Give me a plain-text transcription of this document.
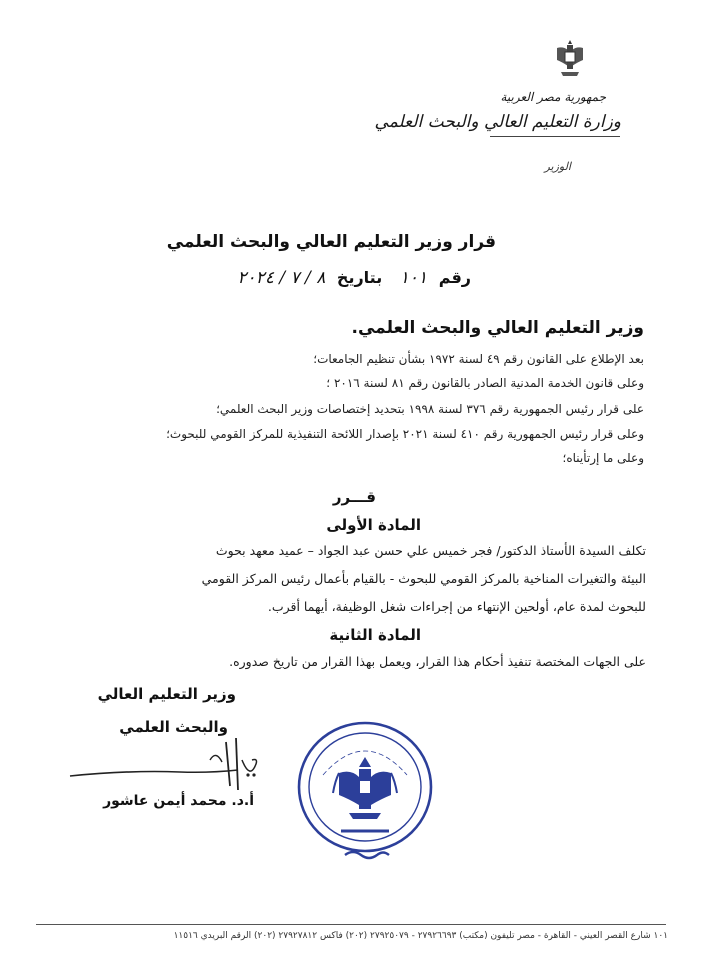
جمهورية مصر العربية
وزارة التعليم العالي والبحث العلمي
الوزير
قرار وزير التعليم العالي والبحث العلمي
رقم ١٠١ بتاريخ ٨ / ٧ / ٢٠٢٤
وزير التعليم العالي والبحث العلمي.
بعد الإطلاع على القانون رقم ٤٩ لسنة ١٩٧٢ بشأن تنظيم الجامعات؛
وعلى قانون الخدمة المدنية الصادر بالقانون رقم ٨١ لسنة ٢٠١٦ ؛
على قرار رئيس الجمهورية رقم ٣٧٦ لسنة ١٩٩٨ بتحديد إختصاصات وزير البحث العلمي؛
وعلى قرار رئيس الجمهورية رقم ٤١٠ لسنة ٢٠٢١ بإصدار اللائحة التنفيذية للمركز القومي للبحوث؛
وعلى ما إرتأيناه؛
قـــرر
المادة الأولى
تكلف السيدة الأستاذ الدكتور/ فجر خميس علي حسن عبد الجواد – عميد معهد بحوث
البيئة والتغيرات المناخية بالمركز القومي للبحوث - بالقيام بأعمال رئيس المركز القومي
للبحوث لمدة عام، أولحين الإنتهاء من إجراءات شغل الوظيفة، أيهما أقرب.
المادة الثانية
على الجهات المختصة تنفيذ أحكام هذا القرار، ويعمل بهذا القرار من تاريخ صدوره.
وزير التعليم العالي
والبحث العلمي
أ.د. محمد أيمن عاشور
١٠١ شارع القصر العيني - القاهرة - مصر تليفون (مكتب) ٢٧٩٢٦٦٩٣ - ٢٧٩٢٥٠٧٩ (٢٠٢) فاكس ٢٧٩٢٧٨١٢ (٢٠٢) الرقم البريدي ١١٥١٦
